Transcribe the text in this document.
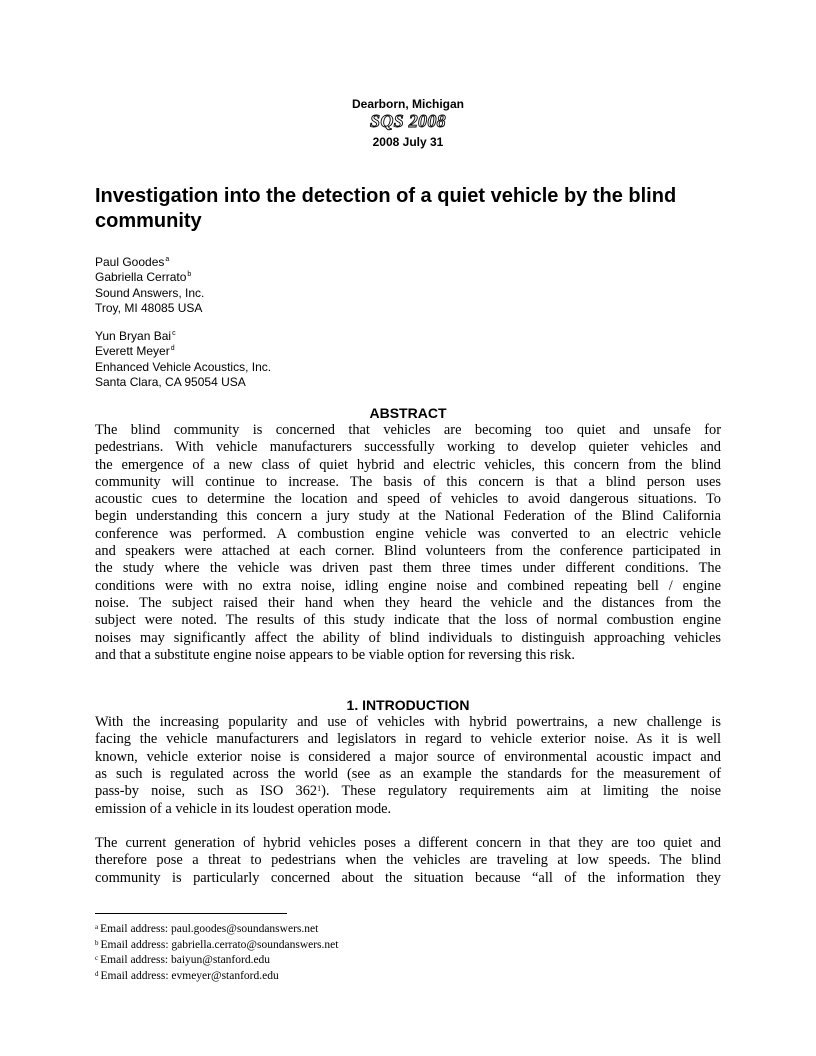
Dearborn, Michigan
SQS 2008
2008 July 31
Investigation into the detection of a quiet vehicle by the blind community
Paul Goodes$^a$
Gabriella Cerrato$^b$
Sound Answers, Inc.
Troy, MI 48085 USA
Yun Bryan Bai$^c$
Everett Meyer$^d$
Enhanced Vehicle Acoustics, Inc.
Santa Clara, CA 95054 USA
ABSTRACT
The blind community is concerned that vehicles are becoming too quiet and unsafe for
pedestrians. With vehicle manufacturers successfully working to develop quieter vehicles and
the emergence of a new class of quiet hybrid and electric vehicles, this concern from the blind
community will continue to increase. The basis of this concern is that a blind person uses
acoustic cues to determine the location and speed of vehicles to avoid dangerous situations. To
begin understanding this concern a jury study at the National Federation of the Blind California
conference was performed. A combustion engine vehicle was converted to an electric vehicle
and speakers were attached at each corner. Blind volunteers from the conference participated in
the study where the vehicle was driven past them three times under different conditions. The
conditions were with no extra noise, idling engine noise and combined repeating bell / engine
noise. The subject raised their hand when they heard the vehicle and the distances from the
subject were noted. The results of this study indicate that the loss of normal combustion engine
noises may significantly affect the ability of blind individuals to distinguish approaching vehicles
and that a substitute engine noise appears to be viable option for reversing this risk.
1. INTRODUCTION
With the increasing popularity and use of vehicles with hybrid powertrains, a new challenge is
facing the vehicle manufacturers and legislators in regard to vehicle exterior noise. As it is well
known, vehicle exterior noise is considered a major source of environmental acoustic impact and
as such is regulated across the world (see as an example the standards for the measurement of
pass-by noise, such as ISO $362^1$). These regulatory requirements aim at limiting the noise
emission of a vehicle in its loudest operation mode.
The current generation of hybrid vehicles poses a different concern in that they are too quiet and
therefore pose a threat to pedestrians when the vehicles are traveling at low speeds. The blind
community is particularly concerned about the situation because “all of the information they
$^a$ Email address: paul.goodes@soundanswers.net
$^b$ Email address: gabriella.cerrato@soundanswers.net
$^c$ Email address: baiyun@stanford.edu
$^d$ Email address: evmeyer@stanford.edu
